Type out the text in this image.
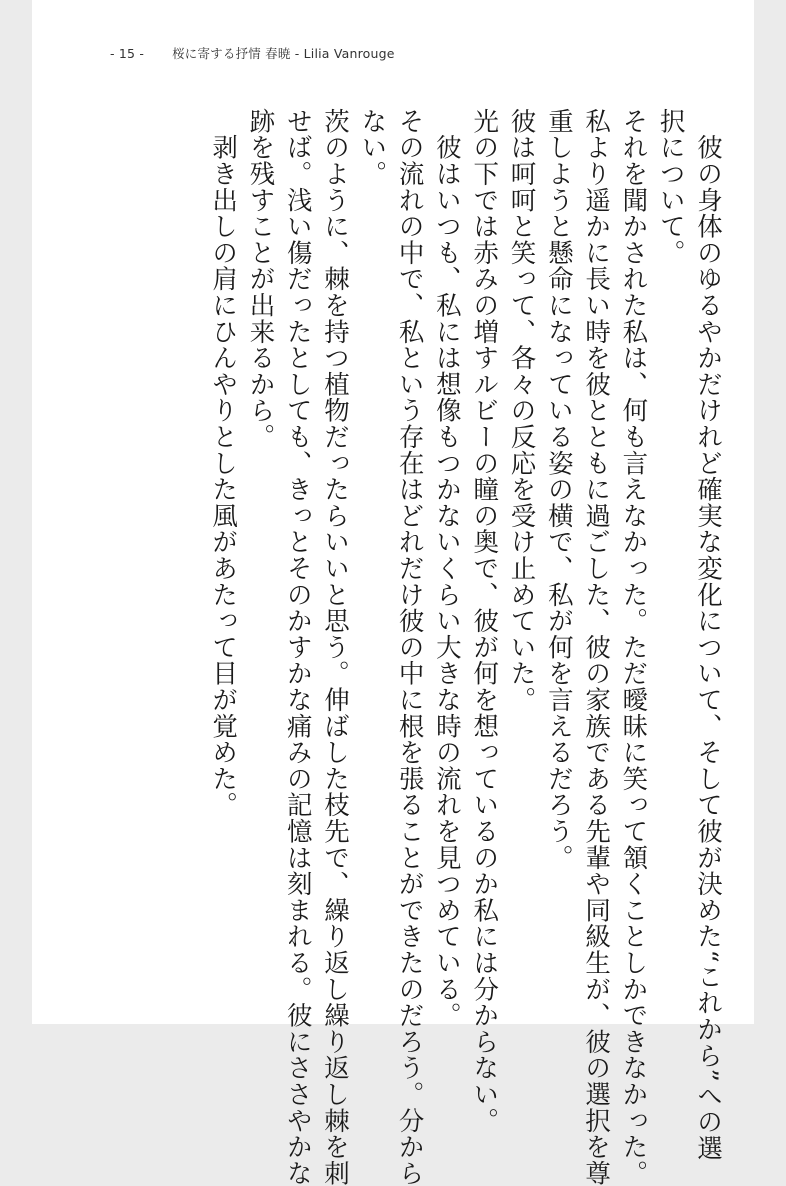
- 15 - 桜に寄する抒情 春暁 - Lilia Vanrouge

　彼の身体のゆるやかだけれど確実な変化について、そして彼が決めた“これから”への選

択について。

それを聞かされた私は、何も言えなかった。ただ曖昧に笑って頷くことしかできなかった。

私より遥かに長い時を彼とともに過ごした、彼の家族である先輩や同級生が、彼の選択を尊

重しようと懸命になっている姿の横で、私が何を言えるだろう。

彼は呵呵と笑って、各々の反応を受け止めていた。

光の下では赤みの増すルビーの瞳の奥で、彼が何を想っているのか私には分からない。

　彼はいつも、私には想像もつかないくらい大きな時の流れを見つめている。

その流れの中で、私という存在はどれだけ彼の中に根を張ることができたのだろう。分から

ない。

茨のように、棘を持つ植物だったらいいと思う。伸ばした枝先で、繰り返し繰り返し棘を刺

せば。浅い傷だったとしても、きっとそのかすかな痛みの記憶は刻まれる。彼にささやかな

跡を残すことが出来るから。

　剥き出しの肩にひんやりとした風があたって目が覚めた。
